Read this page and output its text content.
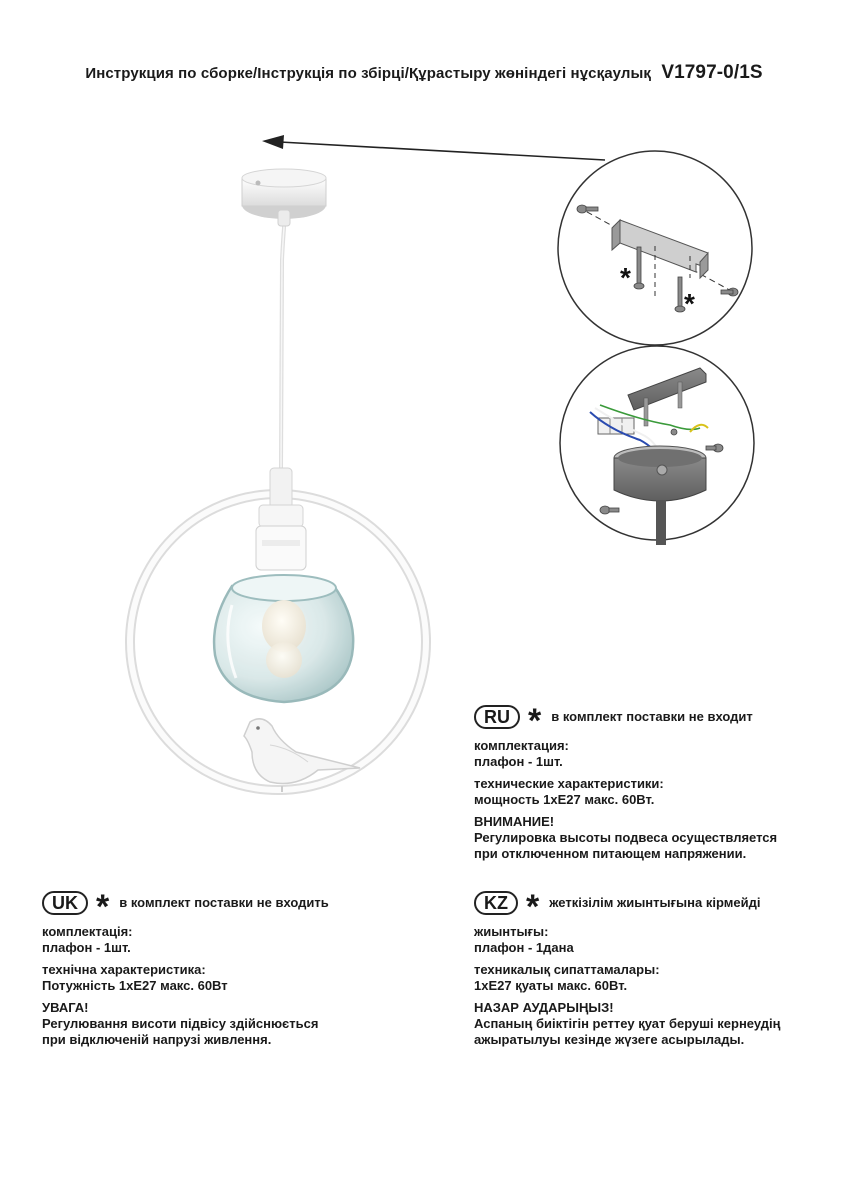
Инструкция по сборке/Інструкція по збірці/Құрастыру жөніндегі нұсқаулық V1797-0/1S
*
*
RU * в комплект поставки не входит
комплектация:
плафон - 1шт.
технические характеристики:
мощность 1хЕ27 макс. 60Вт.
ВНИМАНИЕ!
Регулировка высоты подвеса осуществляется
при отключенном питающем напряжении.
UK * в комплект поставки не входить
комплектація:
плафон - 1шт.
технічна характеристика:
Потужність 1хЕ27 макс. 60Вт
УВАГА!
Регулювання висоти підвісу здійснюється
при відключеній напрузі живлення.
KZ * жеткізілім жиынтығына кірмейді
жиынтығы:
плафон - 1дана
техникалық сипаттамалары:
1хЕ27 қуаты макс. 60Вт.
НАЗАР АУДАРЫҢЫЗ!
Аспаның биіктігін реттеу қуат беруші кернеудің
ажыратылуы кезінде жүзеге асырылады.
